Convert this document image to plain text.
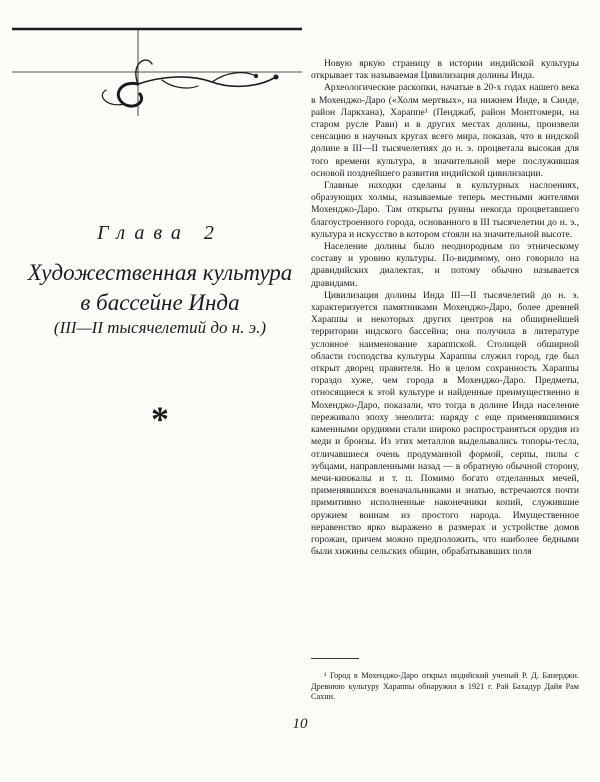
Глава 2
Художественная культура
в бассейне Инда
(III—II тысячелетий до н. э.)
*

Новую яркую страницу в истории индийской культуры открывает так называемая Цивилизация долины Инда.

Археологические раскопки, начатые в 20-х годах нашего века в Мохенджо-Даро («Холм мертвых», на нижнем Инде, в Синде, район Ларкхана), Хараппе¹ (Пенджаб, район Монтгомери, на старом русле Рави) и в других местах долины, произвели сенсацию в научных кругах всего мира, показав, что в индской долине в III—II тысячелетиях до н. э. процветала высокая для того времени культура, в значительной мере послужившая основой позднейшего развития индийской цивилизации.

Главные находки сделаны в культурных наслоениях, образующих холмы, называемые теперь местными жителями Мохенджо-Даро. Там открыты руины некогда процветавшего благоустроенного города, основанного в III тысячелетии до н. э., культура и искусство в котором стояли на значительной высоте.

Население долины было неоднородным по этническому составу и уровню культуры. По-видимому, оно говорило на дравидийских диалектах, и потому обычно называется дравидами.

Цивилизация долины Инда III—II тысячелетий до н. э. характеризуется памятниками Мохенджо-Даро, более древней Хараппы и некоторых других центров на обширнейшей территории индского бассейна; она получила в литературе условное наименование хараппской. Столицей обширной области господства культуры Хараппы служил город, где был открыт дворец правителя. Но в целом сохранность Хараппы гораздо хуже, чем города в Мохенджо-Даро. Предметы, относящиеся к этой культуре и найденные преимущественно в Мохенджо-Даро, показали, что тогда в долине Инда население переживало эпоху энеолита: наряду с еще применявшимися каменными орудиями стали широко распространяться орудия из меди и бронзы. Из этих металлов выделывались топоры-тесла, отличавшиеся очень продуманной формой, серпы, пилы с зубцами, направленными назад — в обратную обычной сторону, мечи-кинжалы и т. п. Помимо богато отделанных мечей, применявшихся военачальниками и знатью, встречаются почти примитивно исполненные наконечники копий, служившие оружием воинам из простого народа. Имущественное неравенство ярко выражено в размерах и устройстве домов горожан, причем можно предположить, что наиболее бедными были хижины сельских общин, обрабатывавших поля

¹ Город в Мохенджо-Даро открыл индийский ученый Р. Д. Банерджи. Древнюю культуру Хараппы обнаружил в 1921 г. Рай Бахадур Дайя Рам Сахни.

10
